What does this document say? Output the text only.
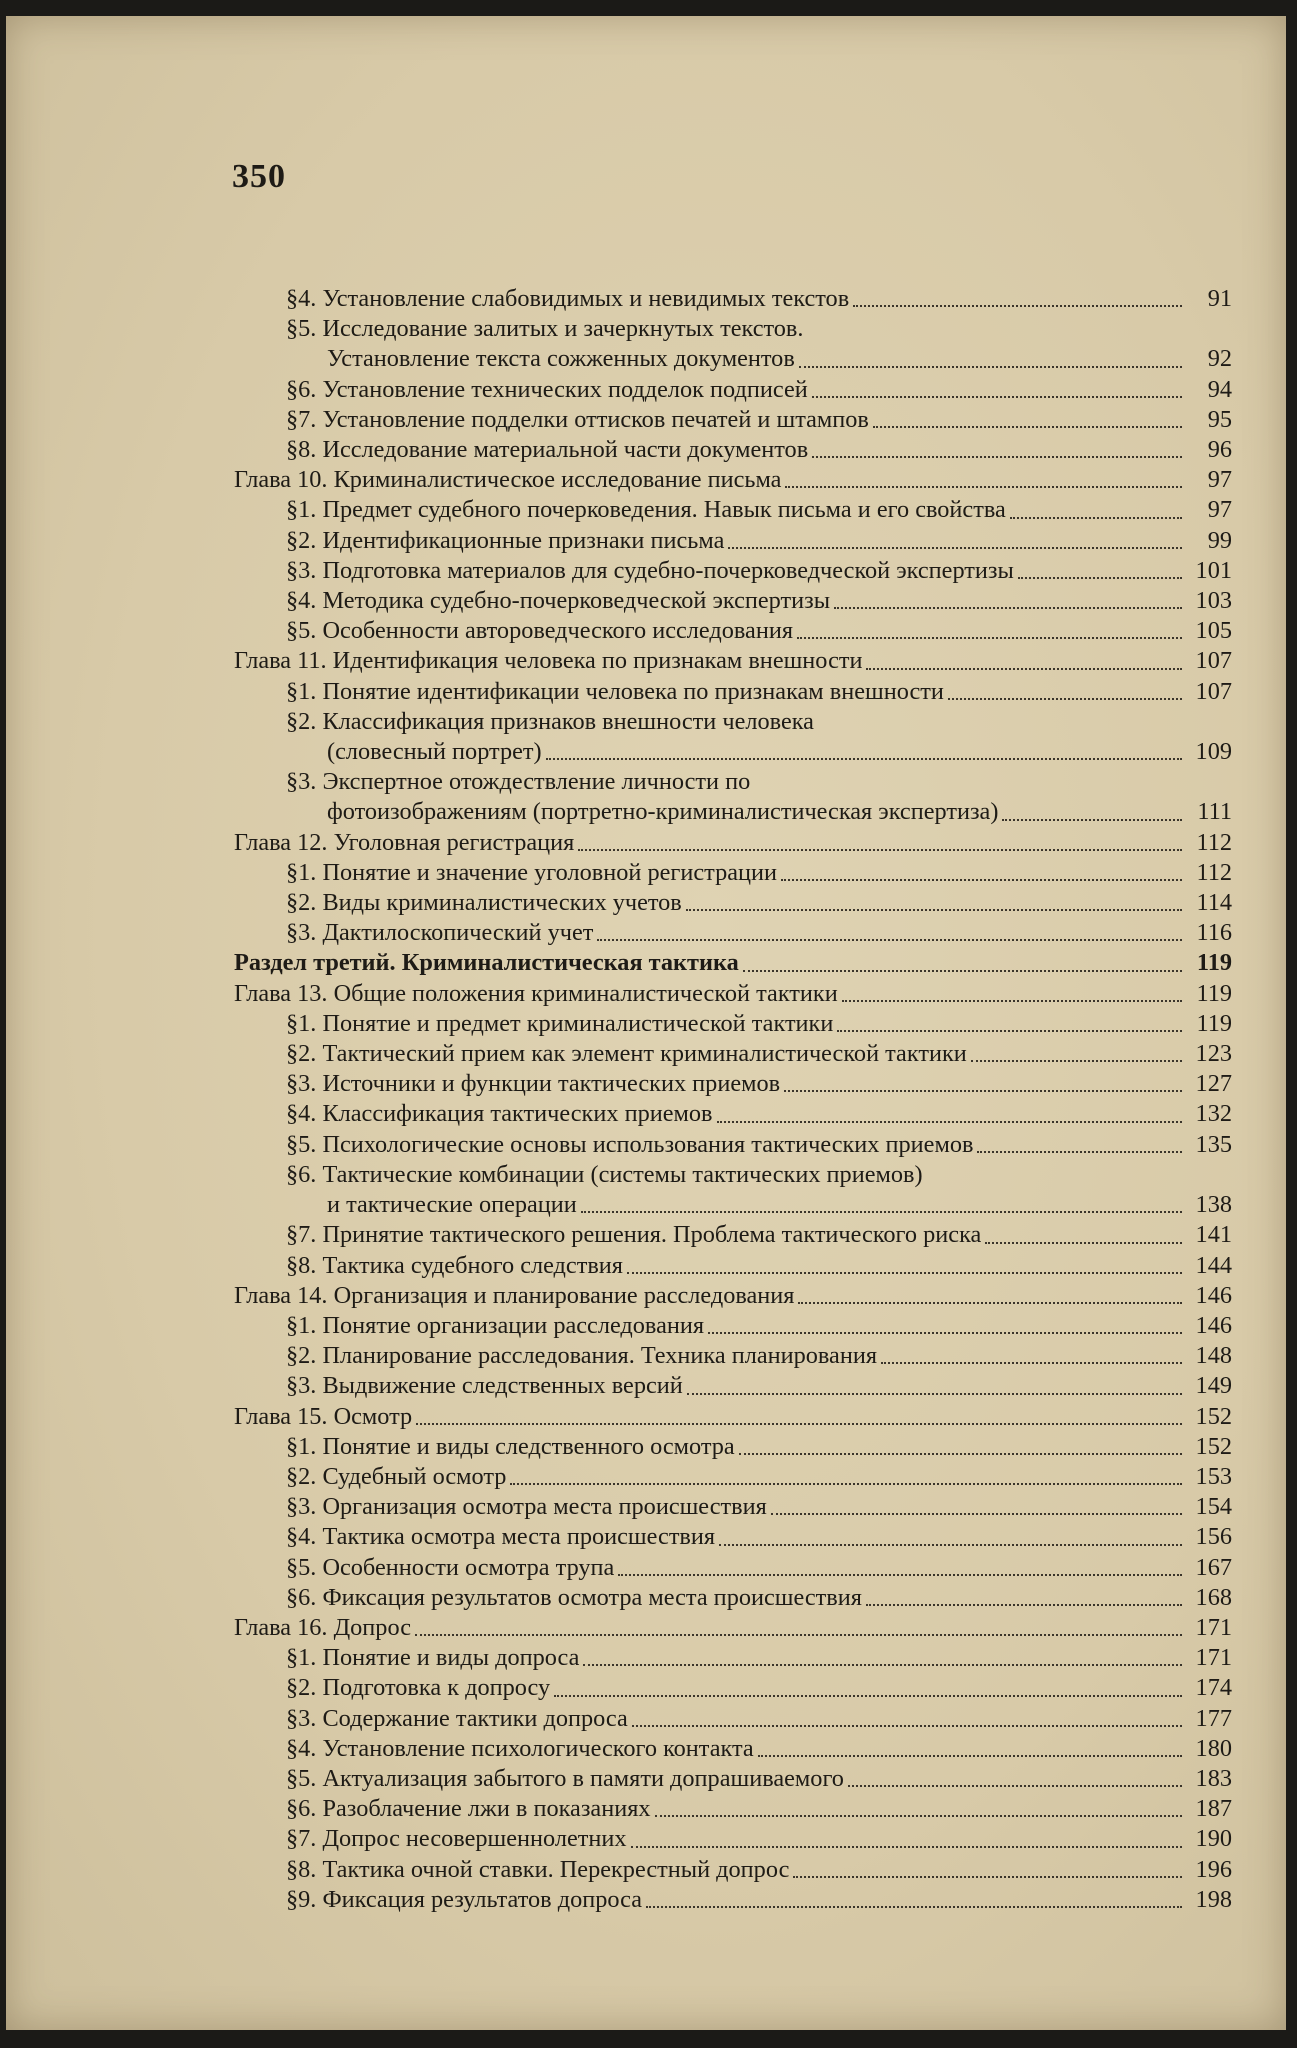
350
§4. Установление слабовидимых и невидимых текстов	91
§5. Исследование залитых и зачеркнутых текстов.
Установление текста сожженных документов	92
§6. Установление технических подделок подписей	94
§7. Установление подделки оттисков печатей и штампов	95
§8. Исследование материальной части документов	96
Глава 10. Криминалистическое исследование письма	97
§1. Предмет судебного почерковедения. Навык письма и его свойства	97
§2. Идентификационные признаки письма	99
§3. Подготовка материалов для судебно-почерковедческой экспертизы	101
§4. Методика судебно-почерковедческой экспертизы	103
§5. Особенности автороведческого исследования	105
Глава 11. Идентификация человека по признакам внешности	107
§1. Понятие идентификации человека по признакам внешности	107
§2. Классификация признаков внешности человека
(словесный портрет)	109
§3. Экспертное отождествление личности по
фотоизображениям (портретно-криминалистическая экспертиза)	111
Глава 12. Уголовная регистрация	112
§1. Понятие и значение уголовной регистрации	112
§2. Виды криминалистических учетов	114
§3. Дактилоскопический учет	116
Раздел третий. Криминалистическая тактика	119
Глава 13. Общие положения криминалистической тактики	119
§1. Понятие и предмет криминалистической тактики	119
§2. Тактический прием как элемент криминалистической тактики	123
§3. Источники и функции тактических приемов	127
§4. Классификация тактических приемов	132
§5. Психологические основы использования тактических приемов	135
§6. Тактические комбинации (системы тактических приемов)
и тактические операции	138
§7. Принятие тактического решения. Проблема тактического риска	141
§8. Тактика судебного следствия	144
Глава 14. Организация и планирование расследования	146
§1. Понятие организации расследования	146
§2. Планирование расследования. Техника планирования	148
§3. Выдвижение следственных версий	149
Глава 15. Осмотр	152
§1. Понятие и виды следственного осмотра	152
§2. Судебный осмотр	153
§3. Организация осмотра места происшествия	154
§4. Тактика осмотра места происшествия	156
§5. Особенности осмотра трупа	167
§6. Фиксация результатов осмотра места происшествия	168
Глава 16. Допрос	171
§1. Понятие и виды допроса	171
§2. Подготовка к допросу	174
§3. Содержание тактики допроса	177
§4. Установление психологического контакта	180
§5. Актуализация забытого в памяти допрашиваемого	183
§6. Разоблачение лжи в показаниях	187
§7. Допрос несовершеннолетних	190
§8. Тактика очной ставки. Перекрестный допрос	196
§9. Фиксация результатов допроса	198
